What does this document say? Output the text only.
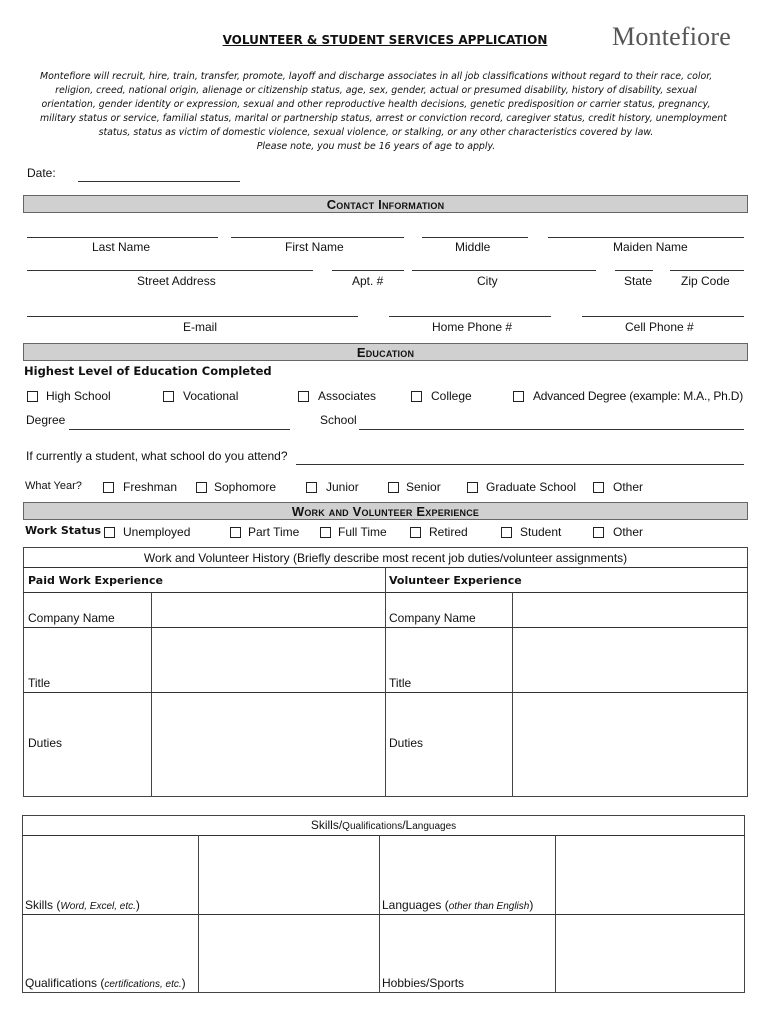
VOLUNTEER & STUDENT SERVICES APPLICATION	Montefiore
Montefiore will recruit, hire, train, transfer, promote, layoff and discharge associates in all job classifications without regard to their race, color,
religion, creed, national origin, alienage or citizenship status, age, sex, gender, actual or presumed disability, history of disability, sexual
orientation, gender identity or expression, sexual and other reproductive health decisions, genetic predisposition or carrier status, pregnancy,
military status or service, familial status, marital or partnership status, arrest or conviction record, caregiver status, credit history, unemployment
status, status as victim of domestic violence, sexual violence, or stalking, or any other characteristics covered by law.
Please note, you must be 16 years of age to apply.
Date:
Contact Information
Last Name	First Name	Middle	Maiden Name
Street Address	Apt. #	City	State Zip Code
E-mail	Home Phone #	Cell Phone #
Education
Highest Level of Education Completed
High School	Vocational	Associates	College	Advanced Degree (example: M.A., Ph.D)
Degree	School
If currently a student, what school do you attend?
What Year?	Freshman	Sophomore	Junior	Senior	Graduate School	Other
Work and Volunteer Experience
Work Status Unemployed	Part Time	Full Time	Retired	Student	Other
Work and Volunteer History (Briefly describe most recent job duties/volunteer assignments)
Paid Work Experience	Volunteer Experience
Company Name	Company Name
Title	Title
Duties	Duties
Skills/Qualifications/Languages
Skills (Word, Excel, etc.)	Languages (other than English)
Qualifications (certifications, etc.)	Hobbies/Sports
